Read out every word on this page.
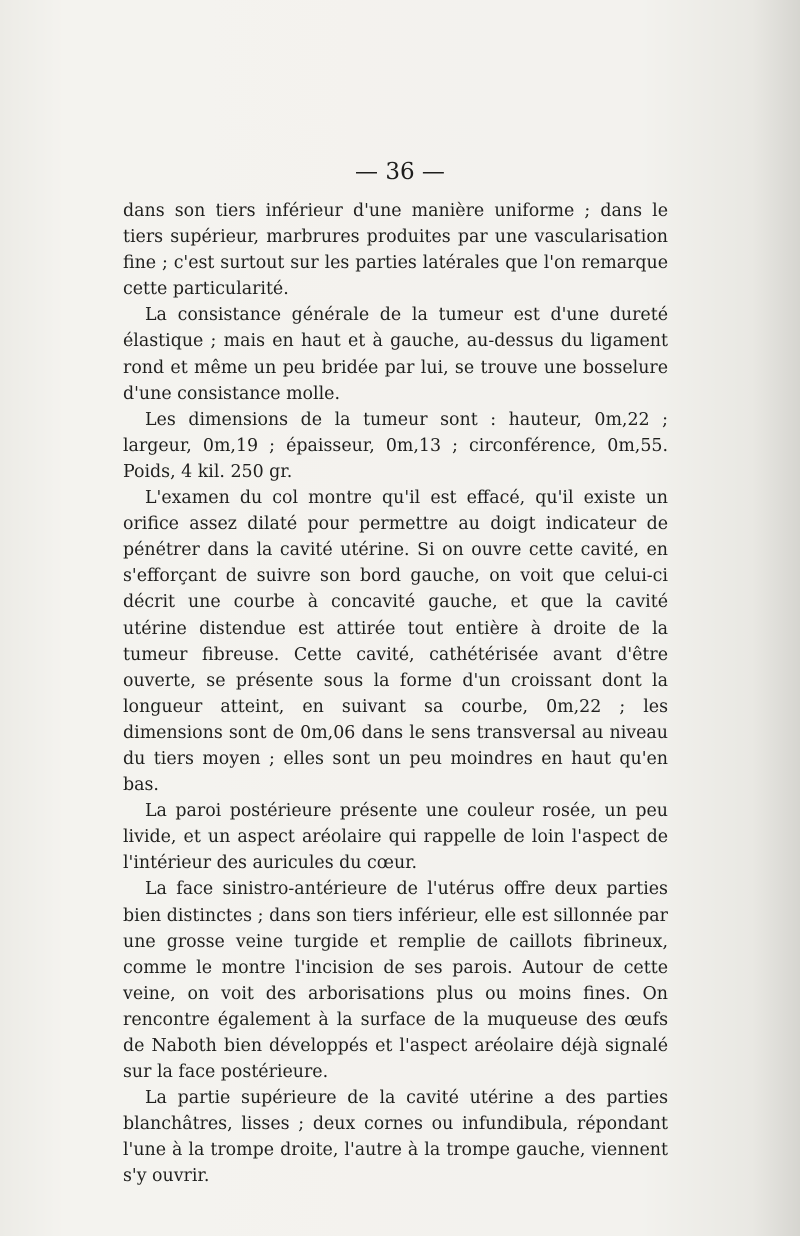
— 36 —

dans son tiers inférieur d'une manière uniforme ; dans le tiers supérieur, marbrures produites par une vascularisation fine ; c'est surtout sur les parties latérales que l'on remarque cette particularité.

La consistance générale de la tumeur est d'une dureté élastique ; mais en haut et à gauche, au-dessus du ligament rond et même un peu bridée par lui, se trouve une bosselure d'une consistance molle.

Les dimensions de la tumeur sont : hauteur, 0m,22 ; largeur, 0m,19 ; épaisseur, 0m,13 ; circonférence, 0m,55. Poids, 4 kil. 250 gr.

L'examen du col montre qu'il est effacé, qu'il existe un orifice assez dilaté pour permettre au doigt indicateur de pénétrer dans la cavité utérine. Si on ouvre cette cavité, en s'efforçant de suivre son bord gauche, on voit que celui-ci décrit une courbe à concavité gauche, et que la cavité utérine distendue est attirée tout entière à droite de la tumeur fibreuse. Cette cavité, cathétérisée avant d'être ouverte, se présente sous la forme d'un croissant dont la longueur atteint, en suivant sa courbe, 0m,22 ; les dimensions sont de 0m,06 dans le sens transversal au niveau du tiers moyen ; elles sont un peu moindres en haut qu'en bas.

La paroi postérieure présente une couleur rosée, un peu livide, et un aspect aréolaire qui rappelle de loin l'aspect de l'intérieur des auricules du cœur.

La face sinistro-antérieure de l'utérus offre deux parties bien distinctes ; dans son tiers inférieur, elle est sillonnée par une grosse veine turgide et remplie de caillots fibrineux, comme le montre l'incision de ses parois. Autour de cette veine, on voit des arborisations plus ou moins fines. On rencontre également à la surface de la muqueuse des œufs de Naboth bien développés et l'aspect aréolaire déjà signalé sur la face postérieure.

La partie supérieure de la cavité utérine a des parties blanchâtres, lisses ; deux cornes ou infundibula, répondant l'une à la trompe droite, l'autre à la trompe gauche, viennent s'y ouvrir.
